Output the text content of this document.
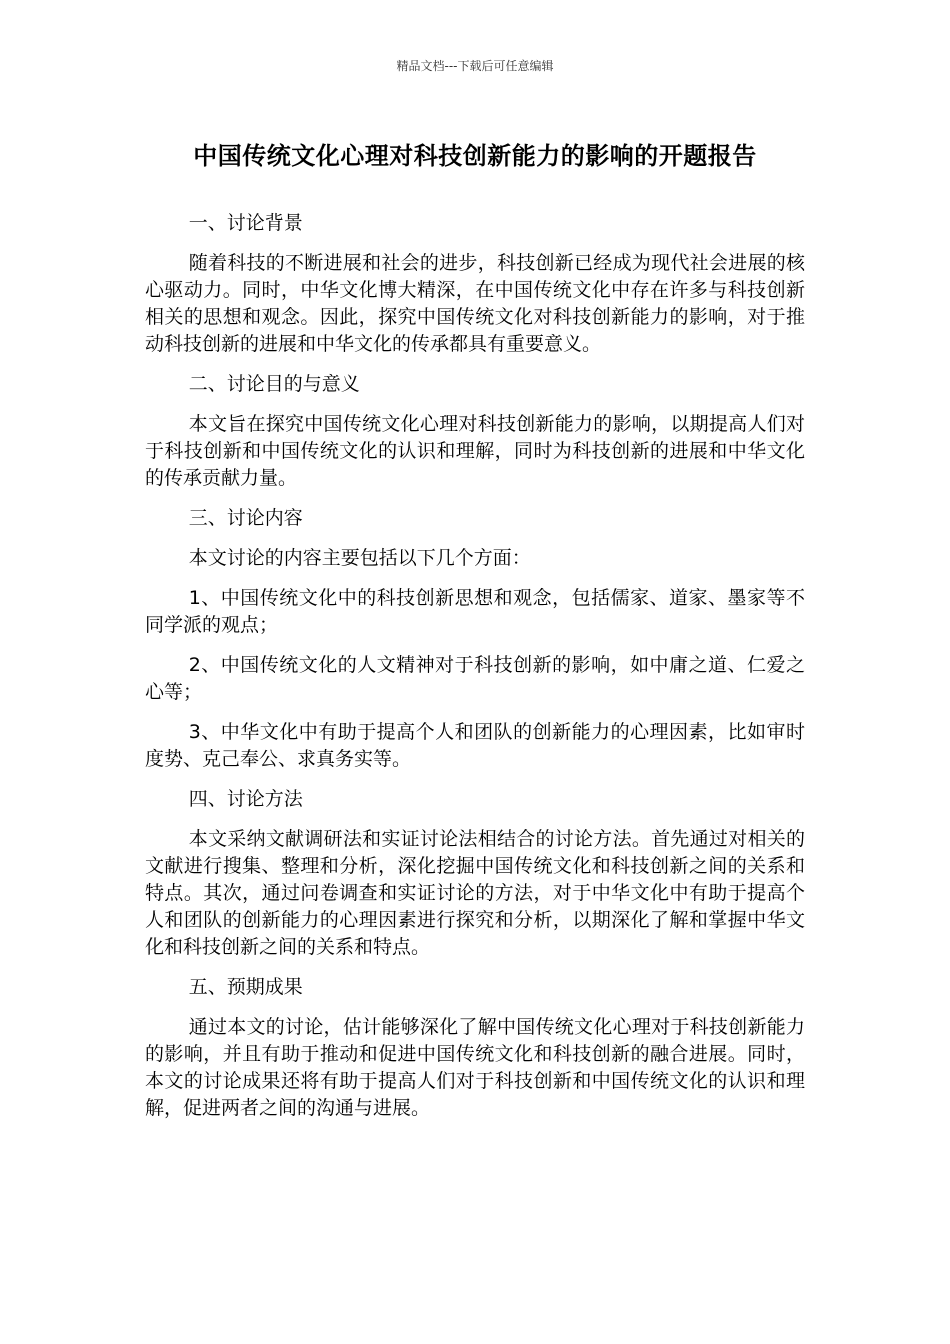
精品文档---下载后可任意编辑
中国传统文化心理对科技创新能力的影响的开题报告

一、讨论背景

随着科技的不断进展和社会的进步，科技创新已经成为现代社会进展的核心驱动力。同时，中华文化博大精深，在中国传统文化中存在许多与科技创新相关的思想和观念。因此，探究中国传统文化对科技创新能力的影响，对于推动科技创新的进展和中华文化的传承都具有重要意义。

二、讨论目的与意义

本文旨在探究中国传统文化心理对科技创新能力的影响，以期提高人们对于科技创新和中国传统文化的认识和理解，同时为科技创新的进展和中华文化的传承贡献力量。

三、讨论内容

本文讨论的内容主要包括以下几个方面：

1、中国传统文化中的科技创新思想和观念，包括儒家、道家、墨家等不同学派的观点；

2、中国传统文化的人文精神对于科技创新的影响，如中庸之道、仁爱之心等；

3、中华文化中有助于提高个人和团队的创新能力的心理因素，比如审时度势、克己奉公、求真务实等。

四、讨论方法

本文采纳文献调研法和实证讨论法相结合的讨论方法。首先通过对相关的文献进行搜集、整理和分析，深化挖掘中国传统文化和科技创新之间的关系和特点。其次，通过问卷调查和实证讨论的方法，对于中华文化中有助于提高个人和团队的创新能力的心理因素进行探究和分析，以期深化了解和掌握中华文化和科技创新之间的关系和特点。

五、预期成果

通过本文的讨论，估计能够深化了解中国传统文化心理对于科技创新能力的影响，并且有助于推动和促进中国传统文化和科技创新的融合进展。同时，本文的讨论成果还将有助于提高人们对于科技创新和中国传统文化的认识和理解，促进两者之间的沟通与进展。
